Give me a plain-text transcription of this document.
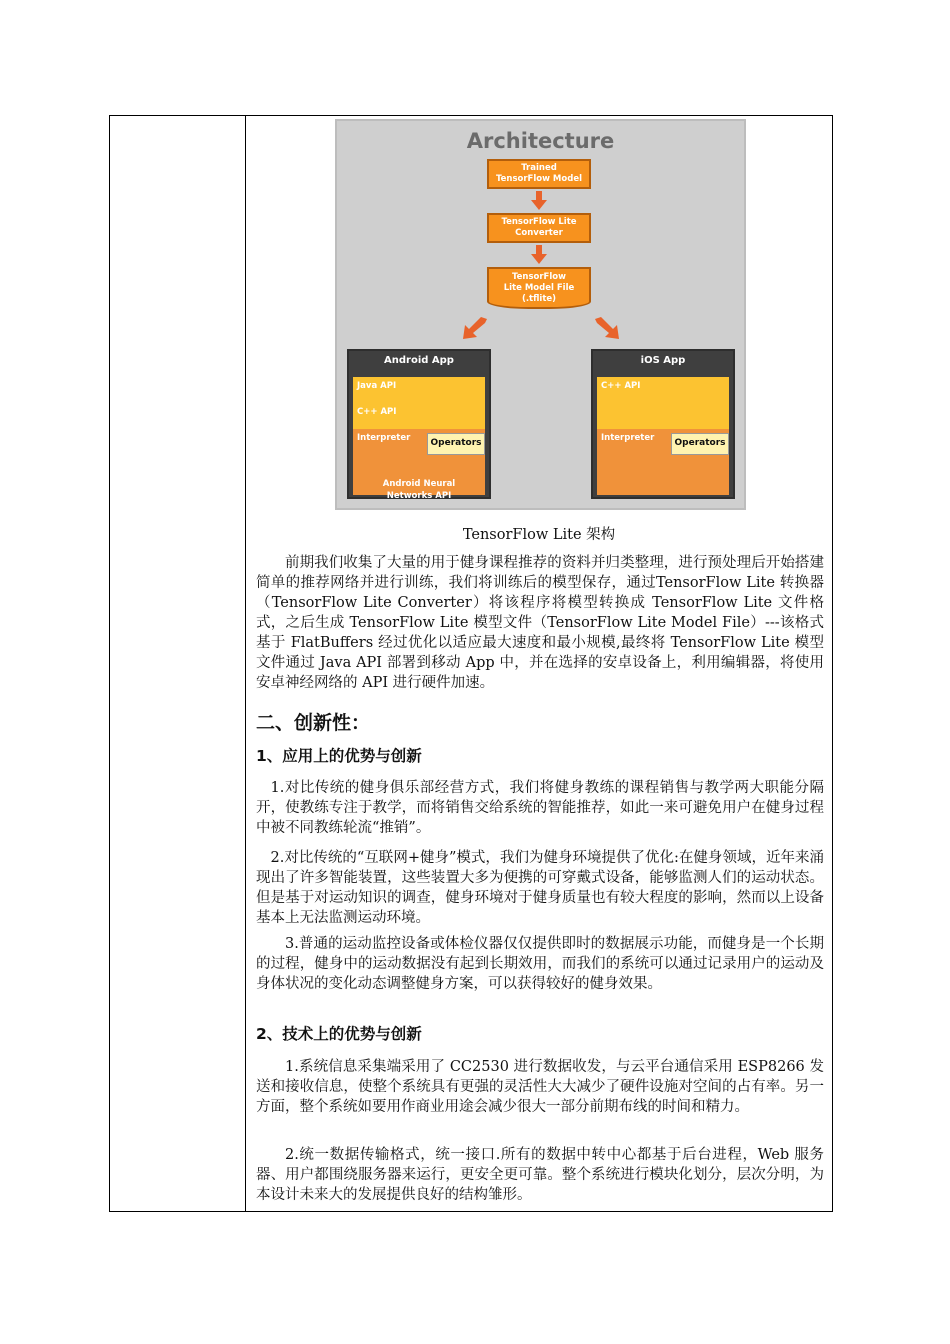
Architecture
Trained
TensorFlow Model
TensorFlow Lite
Converter
TensorFlow
Lite Model File
(.tflite)
Android App
Java API
C++ API
Interpreter	Operators

Android Neural
Networks API

iOS App
C++ API
Interpreter	Operators
TensorFlow Lite 架构

前期我们收集了大量的用于健身课程推荐的资料并归类整理，进行预处理后开始搭建简单的推荐网络并进行训练，我们将训练后的模型保存，通过TensorFlow Lite 转换器（TensorFlow Lite Converter）将该程序将模型转换成 TensorFlow Lite 文件格式，之后生成 TensorFlow Lite 模型文件（TensorFlow Lite Model File）---该格式基于 FlatBuffers 经过优化以适应最大速度和最小规模,最终将 TensorFlow Lite 模型文件通过 Java API 部署到移动 App 中，并在选择的安卓设备上，利用编辑器，将使用安卓神经网络的 API 进行硬件加速。

二、创新性：
1、应用上的优势与创新

1.对比传统的健身俱乐部经营方式，我们将健身教练的课程销售与教学两大职能分隔开，使教练专注于教学，而将销售交给系统的智能推荐，如此一来可避免用户在健身过程中被不同教练轮流“推销”。

2.对比传统的“互联网+健身”模式，我们为健身环境提供了优化:在健身领域，近年来涌现出了许多智能装置，这些装置大多为便携的可穿戴式设备，能够监测人们的运动状态。但是基于对运动知识的调查，健身环境对于健身质量也有较大程度的影响，然而以上设备基本上无法监测运动环境。

3.普通的运动监控设备或体检仪器仅仅提供即时的数据展示功能，而健身是一个长期的过程，健身中的运动数据没有起到长期效用，而我们的系统可以通过记录用户的运动及身体状况的变化动态调整健身方案，可以获得较好的健身效果。

2、技术上的优势与创新

1.系统信息采集端采用了 CC2530 进行数据收发，与云平台通信采用 ESP8266 发送和接收信息，使整个系统具有更强的灵活性大大减少了硬件设施对空间的占有率。另一方面，整个系统如要用作商业用途会减少很大一部分前期布线的时间和精力。

2.统一数据传输格式，统一接口.所有的数据中转中心都基于后台进程，Web 服务器、用户都围绕服务器来运行，更安全更可靠。整个系统进行模块化划分，层次分明，为本设计未来大的发展提供良好的结构雏形。
